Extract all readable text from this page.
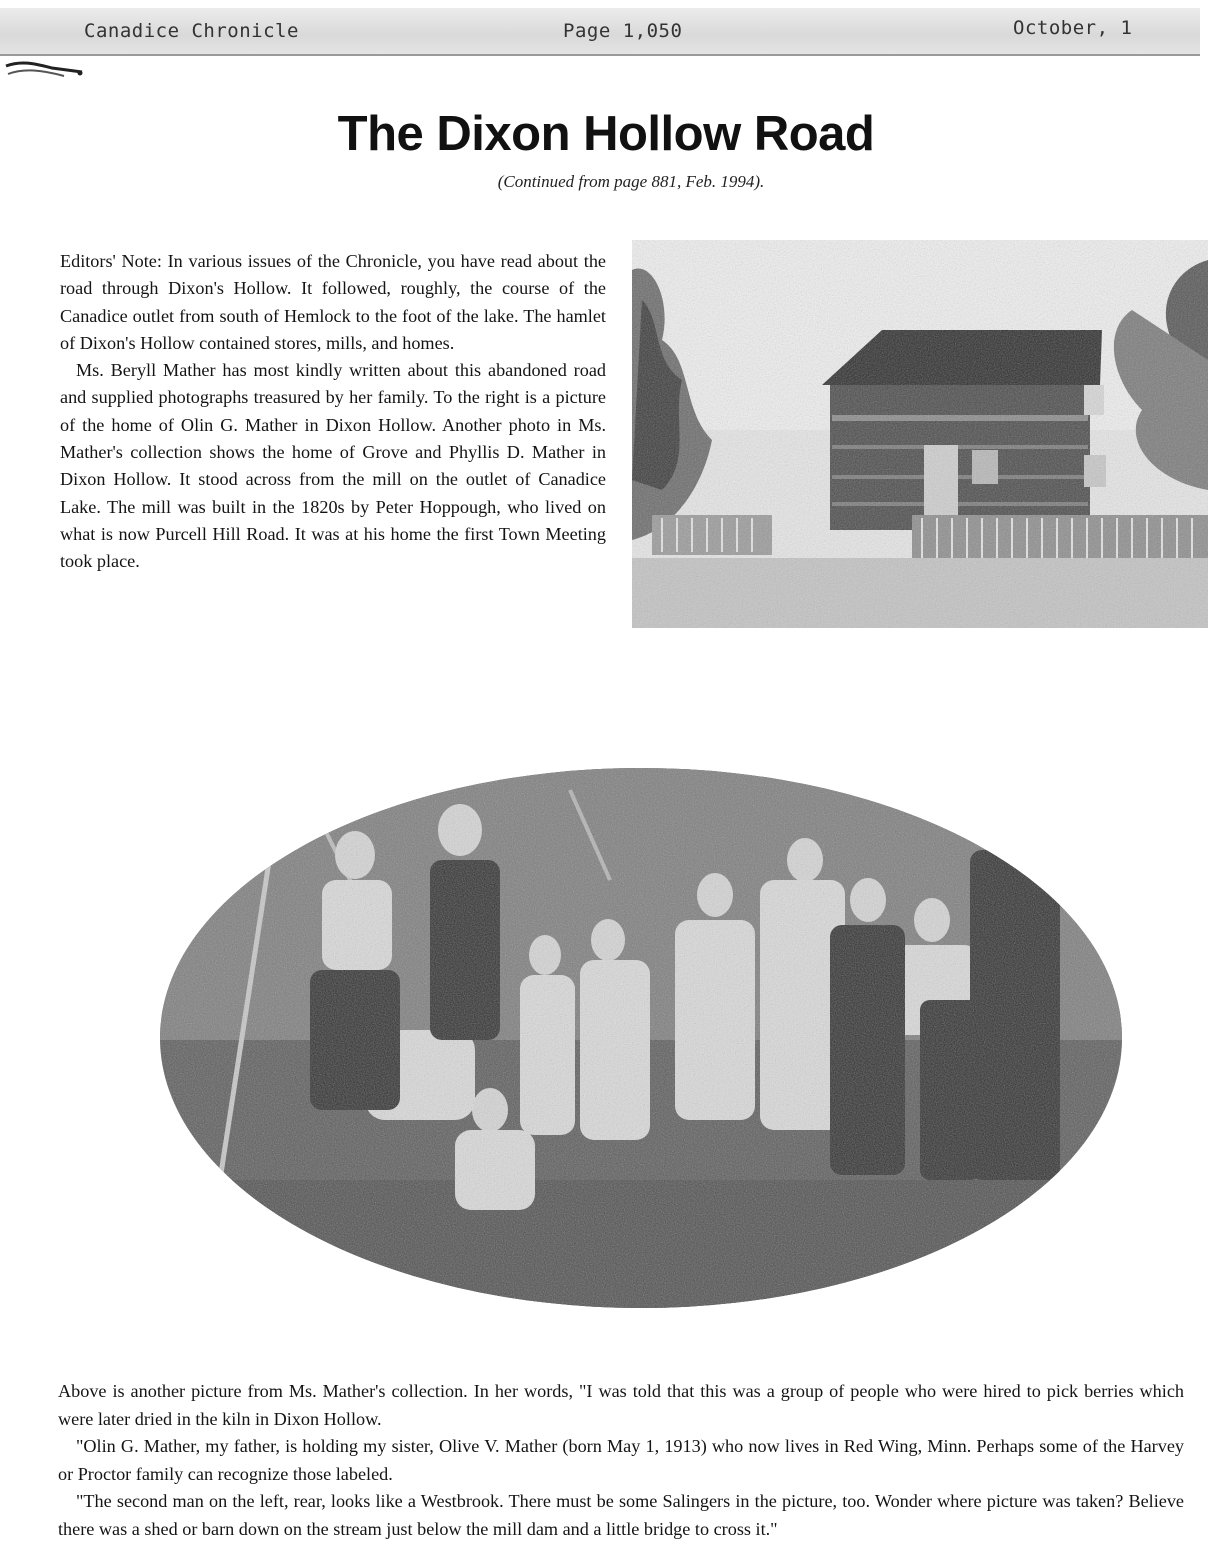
Canadice Chronicle	Page 1,050	October, 1
The Dixon Hollow Road
(Continued from page 881, Feb. 1994).

Editors' Note: In various issues of the Chronicle, you have read about the road through Dixon's Hollow. It followed, roughly, the course of the Canadice outlet from south of Hemlock to the foot of the lake. The hamlet of Dixon's Hollow contained stores, mills, and homes.

Ms. Beryll Mather has most kindly written about this abandoned road and supplied photographs treasured by her family. To the right is a picture of the home of Olin G. Mather in Dixon Hollow. Another photo in Ms. Mather's collection shows the home of Grove and Phyllis D. Mather in Dixon Hollow. It stood across from the mill on the outlet of Canadice Lake. The mill was built in the 1820s by Peter Hoppough, who lived on what is now Purcell Hill Road. It was at his home the first Town Meeting took place.

Above is another picture from Ms. Mather's collection. In her words, "I was told that this was a group of people who were hired to pick berries which were later dried in the kiln in Dixon Hollow.

"Olin G. Mather, my father, is holding my sister, Olive V. Mather (born May 1, 1913) who now lives in Red Wing, Minn. Perhaps some of the Harvey or Proctor family can recognize those labeled.

"The second man on the left, rear, looks like a Westbrook. There must be some Salingers in the picture, too. Wonder where picture was taken? Believe there was a shed or barn down on the stream just below the mill dam and a little bridge to cross it."
